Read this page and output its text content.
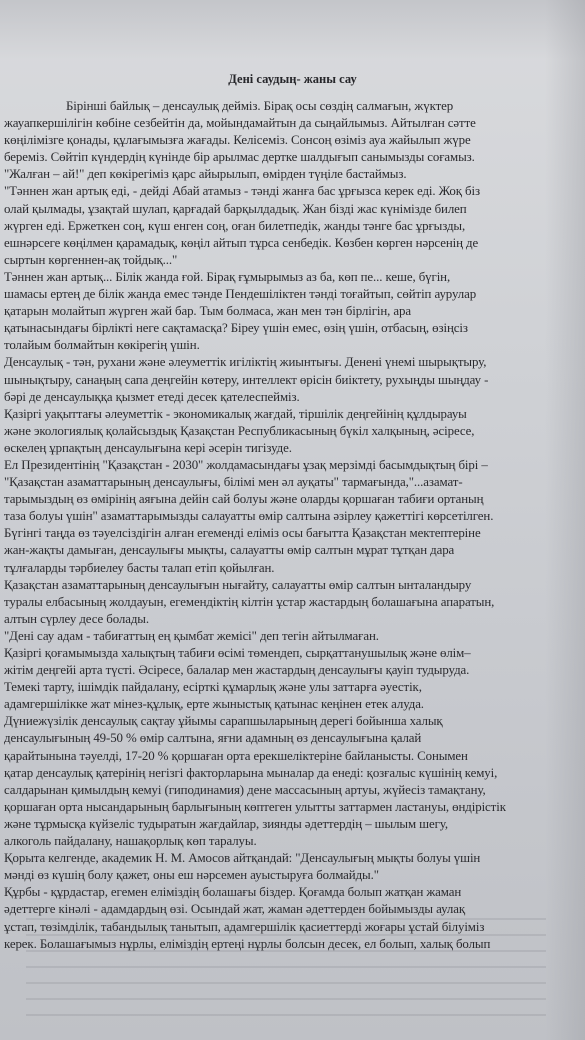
Дені саудың- жаны сау
Бірінші байлық – денсаулық дейміз. Бірақ осы сөздің салмағын, жүктер
жауапкершілігін көбіне сезбейтін да, мойындамайтын да сыңайлымыз. Айтылған сәтте
көңілімізге қонады, құлағымызға жағады. Келісеміз. Сонсоң өзіміз ауа жайылып жүре
береміз. Сөйтіп күндердің күнінде бір арылмас дертке шалдығып санымызды соғамыз.
"Жалған – ай!" деп көкірегіміз қарс айырылып, өмірден түңіле бастаймыз.
"Тәннен жан артық еді, - дейді Абай атамыз - тәнді жанға бас ұрғызса керек еді. Жоқ біз
олай қылмады, ұзақтай шулап, қарғадай барқылдадық. Жан бізді жас күнімізде билеп
жүрген еді. Ержеткен соң, күш енген соң, оған билетпедік, жанды тәнге бас ұрғызды,
ешнәрсеге көңілмен қарамадық, көңіл айтып тұрса сенбедік. Көзбен көрген нәрсенің де
сыртын көргеннен-ақ тойдық..."
Тәннен жан артық... Білік жанда ғой. Бірақ ғұмырымыз аз ба, көп пе... кеше, бүгін,
шамасы ертең де білік жанда емес тәнде Пендешіліктен тәнді тоғайтып, сөйтіп аурулар
қатарын молайтып жүрген жай бар. Тым болмаса, жан мен тән бірлігін, ара
қатынасындағы бірлікті неге сақтамасқа? Біреу үшін емес, өзің үшін, отбасың, өзіңсіз
толайым болмайтын көкірегің үшін.
Денсаулық - тән, рухани және әлеуметтік игіліктің жиынтығы. Денені үнемі шырықтыру,
шынықтыру, санаңың сапа деңгейін көтеру, интеллект өрісін биіктету, рухыңды шыңдау -
бәрі де денсаулыққа қызмет етеді десек қателеспейміз.
Қазіргі уақыттағы әлеуметтік - экономикалық жағдай, тіршілік деңгейінің құлдырауы
және экологиялық қолайсыздық Қазақстан Республикасының бүкіл халқының, әсіресе,
өскелең ұрпақтың денсаулығына кері әсерін тигізуде.
Ел Президентінің "Қазақстан - 2030" жолдамасындағы ұзақ мерзімді басымдықтың бірі –
"Қазақстан азаматтарының денсаулығы, білімі мен әл ауқаты" тармағында,"...азамат-
тарымыздың өз өмірінің аяғына дейін сай болуы және оларды қоршаған табиғи ортаның
таза болуы үшін" азаматтарымызды салауатты өмір салтына әзірлеу қажеттігі көрсетілген.
Бүгінгі таңда өз тәуелсіздігін алған егемендi еліміз осы бағытта Қазақстан мектептеріне
жан-жақты дамыған, денсаулығы мықты, салауатты өмір салтын мұрат тұтқан дара
тұлғаларды тәрбиелеу басты талап етіп қойылған.
Қазақстан азаматтарының денсаулығын нығайту, салауатты өмір салтын ынталандыру
туралы елбасының жолдауын, егемендіктің кілтін ұстар жастардың болашағына апаратын,
алтын сүрлеу десе болады.
"Дені сау адам - табиғаттың ең қымбат жемісі" деп тегін айтылмаған.
Қазіргі қоғамымызда халықтың табиғи өсімі төмендеп, сырқаттанушылық және өлім–
жітім деңгейі арта түсті. Әсіресе, балалар мен жастардың денсаулығы қауіп тудыруда.
Темекі тарту, ішімдік пайдалану, есірткі құмарлық және улы заттарға әуестік,
адамгершілікке жат мінез-құлық, ерте жыныстық қатынас кеңінен етек алуда.
Дүниежүзілік денсаулық сақтау ұйымы сарапшыларының дерегі бойынша халық
денсаулығының 49-50 % өмір салтына, яғни адамның өз денсаулығына қалай
қарайтынына тәуелді, 17-20 % қоршаған орта ерекшеліктеріне байланысты. Сонымен
қатар денсаулық қатерінің негізгі факторларына мыналар да енеді: қозғалыс күшінің кемуі,
салдарынан қимылдың кемуі (гиподинамия) дене массасының артуы, жүйесіз тамақтану,
қоршаған орта нысандарының барлығының көптеген улытты заттармен ластануы, өндірістік
және тұрмысқа күйзеліс тудыратын жағдайлар, зиянды әдеттердің – шылым шегу,
алкоголь пайдалану, нашақорлық көп таралуы.
Қорыта келгенде, академик Н. М. Амосов айтқандай: "Денсаулығың мықты болуы үшін
мәнді өз күшің болу қажет, оны еш нәрсемен ауыстыруға болмайды."
Құрбы - құрдастар, егемен еліміздің болашағы біздер. Қоғамда болып жатқан жаман
әдеттерге кінәлі - адамдардың өзі. Осындай жат, жаман әдеттерден бойымызды аулақ
ұстап, төзімділік, табандылық танытып, адамгершілік қасиеттерді жоғары ұстай білуіміз
керек. Болашағымыз нұрлы, еліміздің ертеңі нұрлы болсын десек, ел болып, халық болып
